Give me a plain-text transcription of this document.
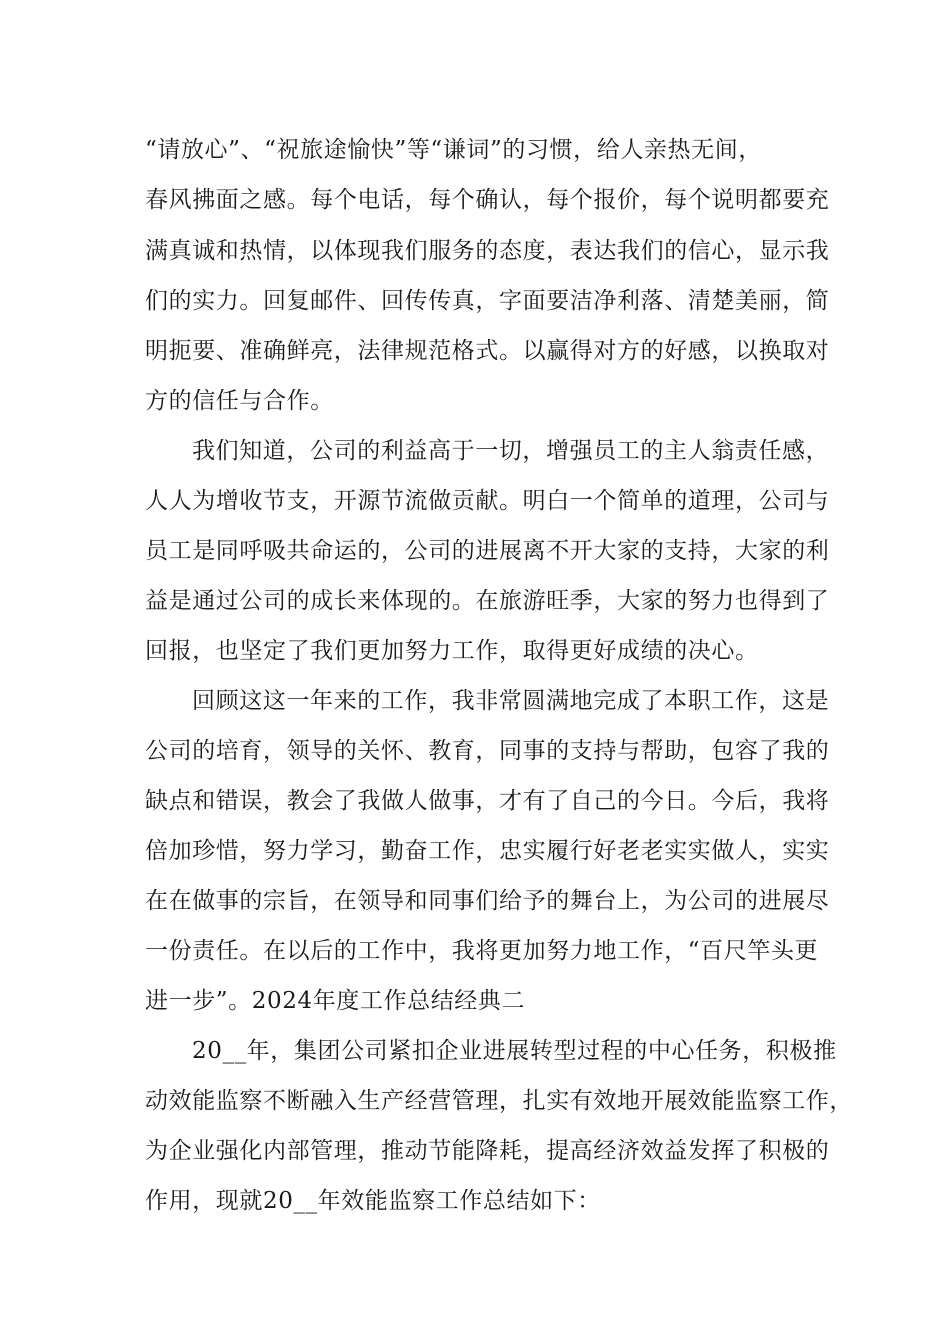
“请放心”、“祝旅途愉快”等“谦词”的习惯，给人亲热无间，
春风拂面之感。每个电话，每个确认，每个报价，每个说明都要充
满真诚和热情，以体现我们服务的态度，表达我们的信心，显示我
们的实力。回复邮件、回传传真，字面要洁净利落、清楚美丽，简
明扼要、准确鲜亮，法律规范格式。以赢得对方的好感，以换取对
方的信任与合作。
我们知道，公司的利益高于一切，增强员工的主人翁责任感，
人人为增收节支，开源节流做贡献。明白一个简单的道理，公司与
员工是同呼吸共命运的，公司的进展离不开大家的支持，大家的利
益是通过公司的成长来体现的。在旅游旺季，大家的努力也得到了
回报，也坚定了我们更加努力工作，取得更好成绩的决心。
回顾这这一年来的工作，我非常圆满地完成了本职工作，这是
公司的培育，领导的关怀、教育，同事的支持与帮助，包容了我的
缺点和错误，教会了我做人做事，才有了自己的今日。今后，我将
倍加珍惜，努力学习，勤奋工作，忠实履行好老老实实做人，实实
在在做事的宗旨，在领导和同事们给予的舞台上，为公司的进展尽
一份责任。在以后的工作中，我将更加努力地工作，“百尺竿头更
进一步”。2024年度工作总结经典二
20__年，集团公司紧扣企业进展转型过程的中心任务，积极推
动效能监察不断融入生产经营管理，扎实有效地开展效能监察工作，
为企业强化内部管理，推动节能降耗，提高经济效益发挥了积极的
作用，现就20__年效能监察工作总结如下：
